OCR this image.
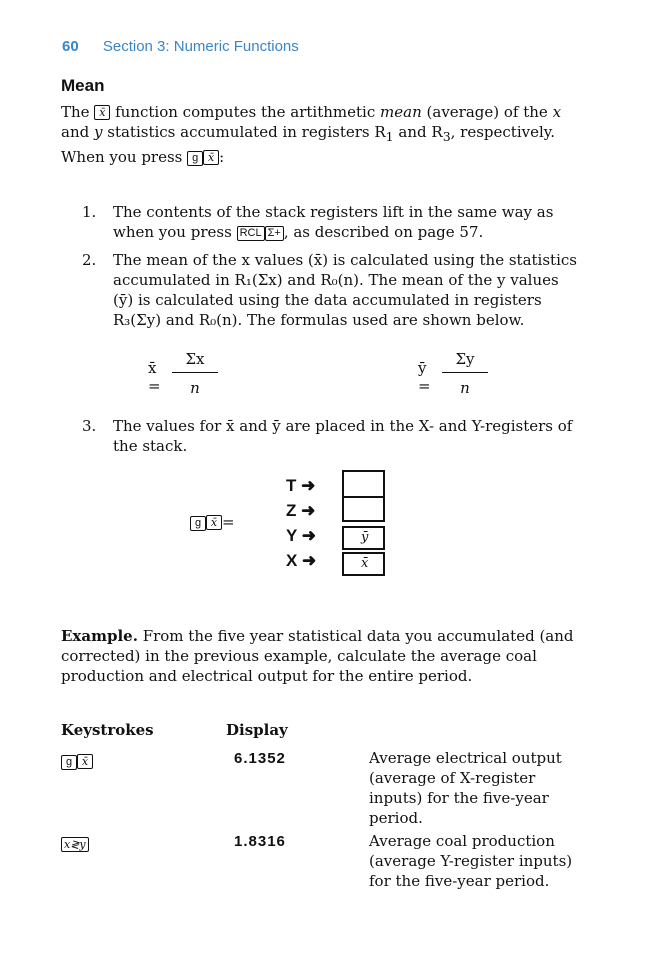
60 Section 3: Numeric Functions
Mean
The x̄ function computes the artithmetic mean (average) of the x and y statistics accumulated in registers $R_1$ and $R_3$, respectively. When you press g x̄ :
1. The contents of the stack registers lift in the same way as when you press RCL Σ+ , as described on page 57.
2. The mean of the x values (x̄) is calculated using the statistics accumulated in R₁(Σx) and R₀(n). The mean of the y values (ȳ) is calculated using the data accumulated in registers R₃(Σy) and R₀(n). The formulas used are shown below.
x̄ = $\frac{\Sigma x}{n}$	ȳ = $\frac{\Sigma y}{n}$
3. The values for x̄ and ȳ are placed in the X- and Y-registers of the stack.
g x̄ =
T ➜
Z ➜
Y ➜
X ➜
ȳ
x̄
Example. From the five year statistical data you accumulated (and corrected) in the previous example, calculate the average coal production and electrical output for the entire period.
Keystrokes	Display
g x̄	6.1352	Average electrical output (average of X-register inputs) for the five-year period.
x≷y	1.8316	Average coal production (average Y-register inputs) for the five-year period.
